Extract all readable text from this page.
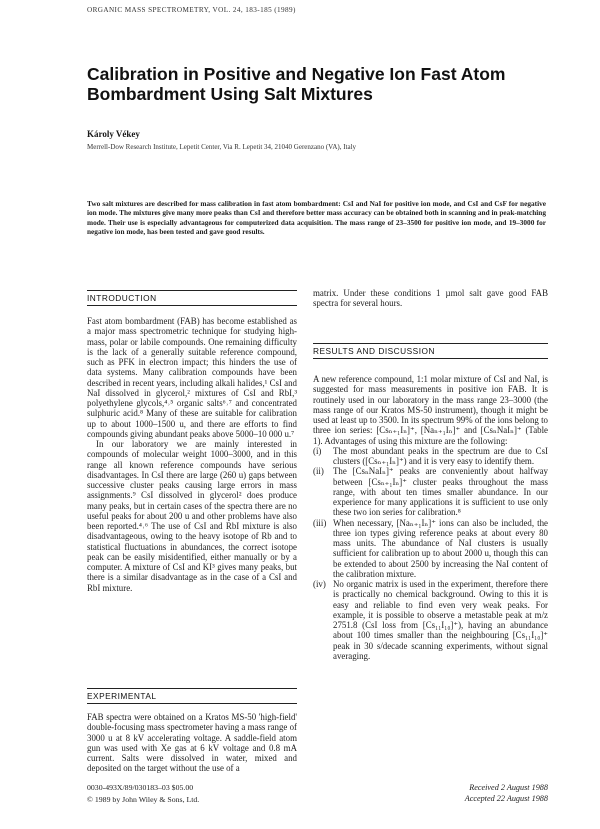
ORGANIC MASS SPECTROMETRY, VOL. 24, 183-185 (1989)
Calibration in Positive and Negative Ion Fast Atom Bombardment Using Salt Mixtures
Károly Vékey
Merrell-Dow Research Institute, Lepetit Center, Via R. Lepetit 34, 21040 Gerenzano (VA), Italy
Two salt mixtures are described for mass calibration in fast atom bombardment: CsI and NaI for positive ion mode, and CsI and CsF for negative ion mode. The mixtures give many more peaks than CsI and therefore better mass accuracy can be obtained both in scanning and in peak-matching mode. Their use is especially advantageous for computerized data acquisition. The mass range of 23–3500 for positive ion mode, and 19–3000 for negative ion mode, has been tested and gave good results.
INTRODUCTION

Fast atom bombardment (FAB) has become established as a major mass spectrometric technique for studying high-mass, polar or labile compounds. One remaining difficulty is the lack of a generally suitable reference compound, such as PFK in electron impact; this hinders the use of data systems. Many calibration compounds have been described in recent years, including alkali halides,¹ CsI and NaI dissolved in glycerol,² mixtures of CsI and RbI,³ polyethylene glycols,⁴˒⁵ organic salts⁶˒⁷ and concentrated sulphuric acid.⁸ Many of these are suitable for calibration up to about 1000–1500 u, and there are efforts to find compounds giving abundant peaks above 5000–10 000 u.⁷

In our laboratory we are mainly interested in compounds of molecular weight 1000–3000, and in this range all known reference compounds have serious disadvantages. In CsI there are large (260 u) gaps between successive cluster peaks causing large errors in mass assignments.⁹ CsI dissolved in glycerol² does produce many peaks, but in certain cases of the spectra there are no useful peaks for about 200 u and other problems have also been reported.⁴˒⁶ The use of CsI and RbI mixture is also disadvantageous, owing to the heavy isotope of Rb and to statistical fluctuations in abundances, the correct isotope peak can be easily misidentified, either manually or by a computer. A mixture of CsI and KI³ gives many peaks, but there is a similar disadvantage as in the case of a CsI and RbI mixture.

EXPERIMENTAL

FAB spectra were obtained on a Kratos MS-50 'high-field' double-focusing mass spectrometer having a mass range of 3000 u at 8 kV accelerating voltage. A saddle-field atom gun was used with Xe gas at 6 kV voltage and 0.8 mA current. Salts were dissolved in water, mixed and deposited on the target without the use of a

matrix. Under these conditions 1 µmol salt gave good FAB spectra for several hours.

RESULTS AND DISCUSSION

A new reference compound, 1:1 molar mixture of CsI and NaI, is suggested for mass measurements in positive ion FAB. It is routinely used in our laboratory in the mass range 23–3000 (the mass range of our Kratos MS-50 instrument), though it might be used at least up to 3500. In its spectrum 99% of the ions belong to three ion series: [Csₙ₊₁Iₙ]⁺, [Naₙ₊₁Iₙ]⁺ and [CsₙNaIₙ]⁺ (Table 1). Advantages of using this mixture are the following:

(i) The most abundant peaks in the spectrum are due to CsI clusters ([Csₙ₊₁Iₙ]⁺) and it is very easy to identify them.
(ii) The [CsₙNaIₙ]⁺ peaks are conveniently about halfway between [Csₙ₊₁Iₙ]⁺ cluster peaks throughout the mass range, with about ten times smaller abundance. In our experience for many applications it is sufficient to use only these two ion series for calibration.⁸
(iii) When necessary, [Naₙ₊₁Iₙ]⁺ ions can also be included, the three ion types giving reference peaks at about every 80 mass units. The abundance of NaI clusters is usually sufficient for calibration up to about 2000 u, though this can be extended to about 2500 by increasing the NaI content of the calibration mixture.
(iv) No organic matrix is used in the experiment, therefore there is practically no chemical background. Owing to this it is easy and reliable to find even very weak peaks. For example, it is possible to observe a metastable peak at m/z 2751.8 (CsI loss from [Cs₁₁I₁₀]⁺), having an abundance about 100 times smaller than the neighbouring [Cs₁₁I₁₀]⁺ peak in 30 s/decade scanning experiments, without signal averaging.
0030-493X/89/030183–03 $05.00
© 1989 by John Wiley & Sons, Ltd.
Received 2 August 1988
Accepted 22 August 1988
